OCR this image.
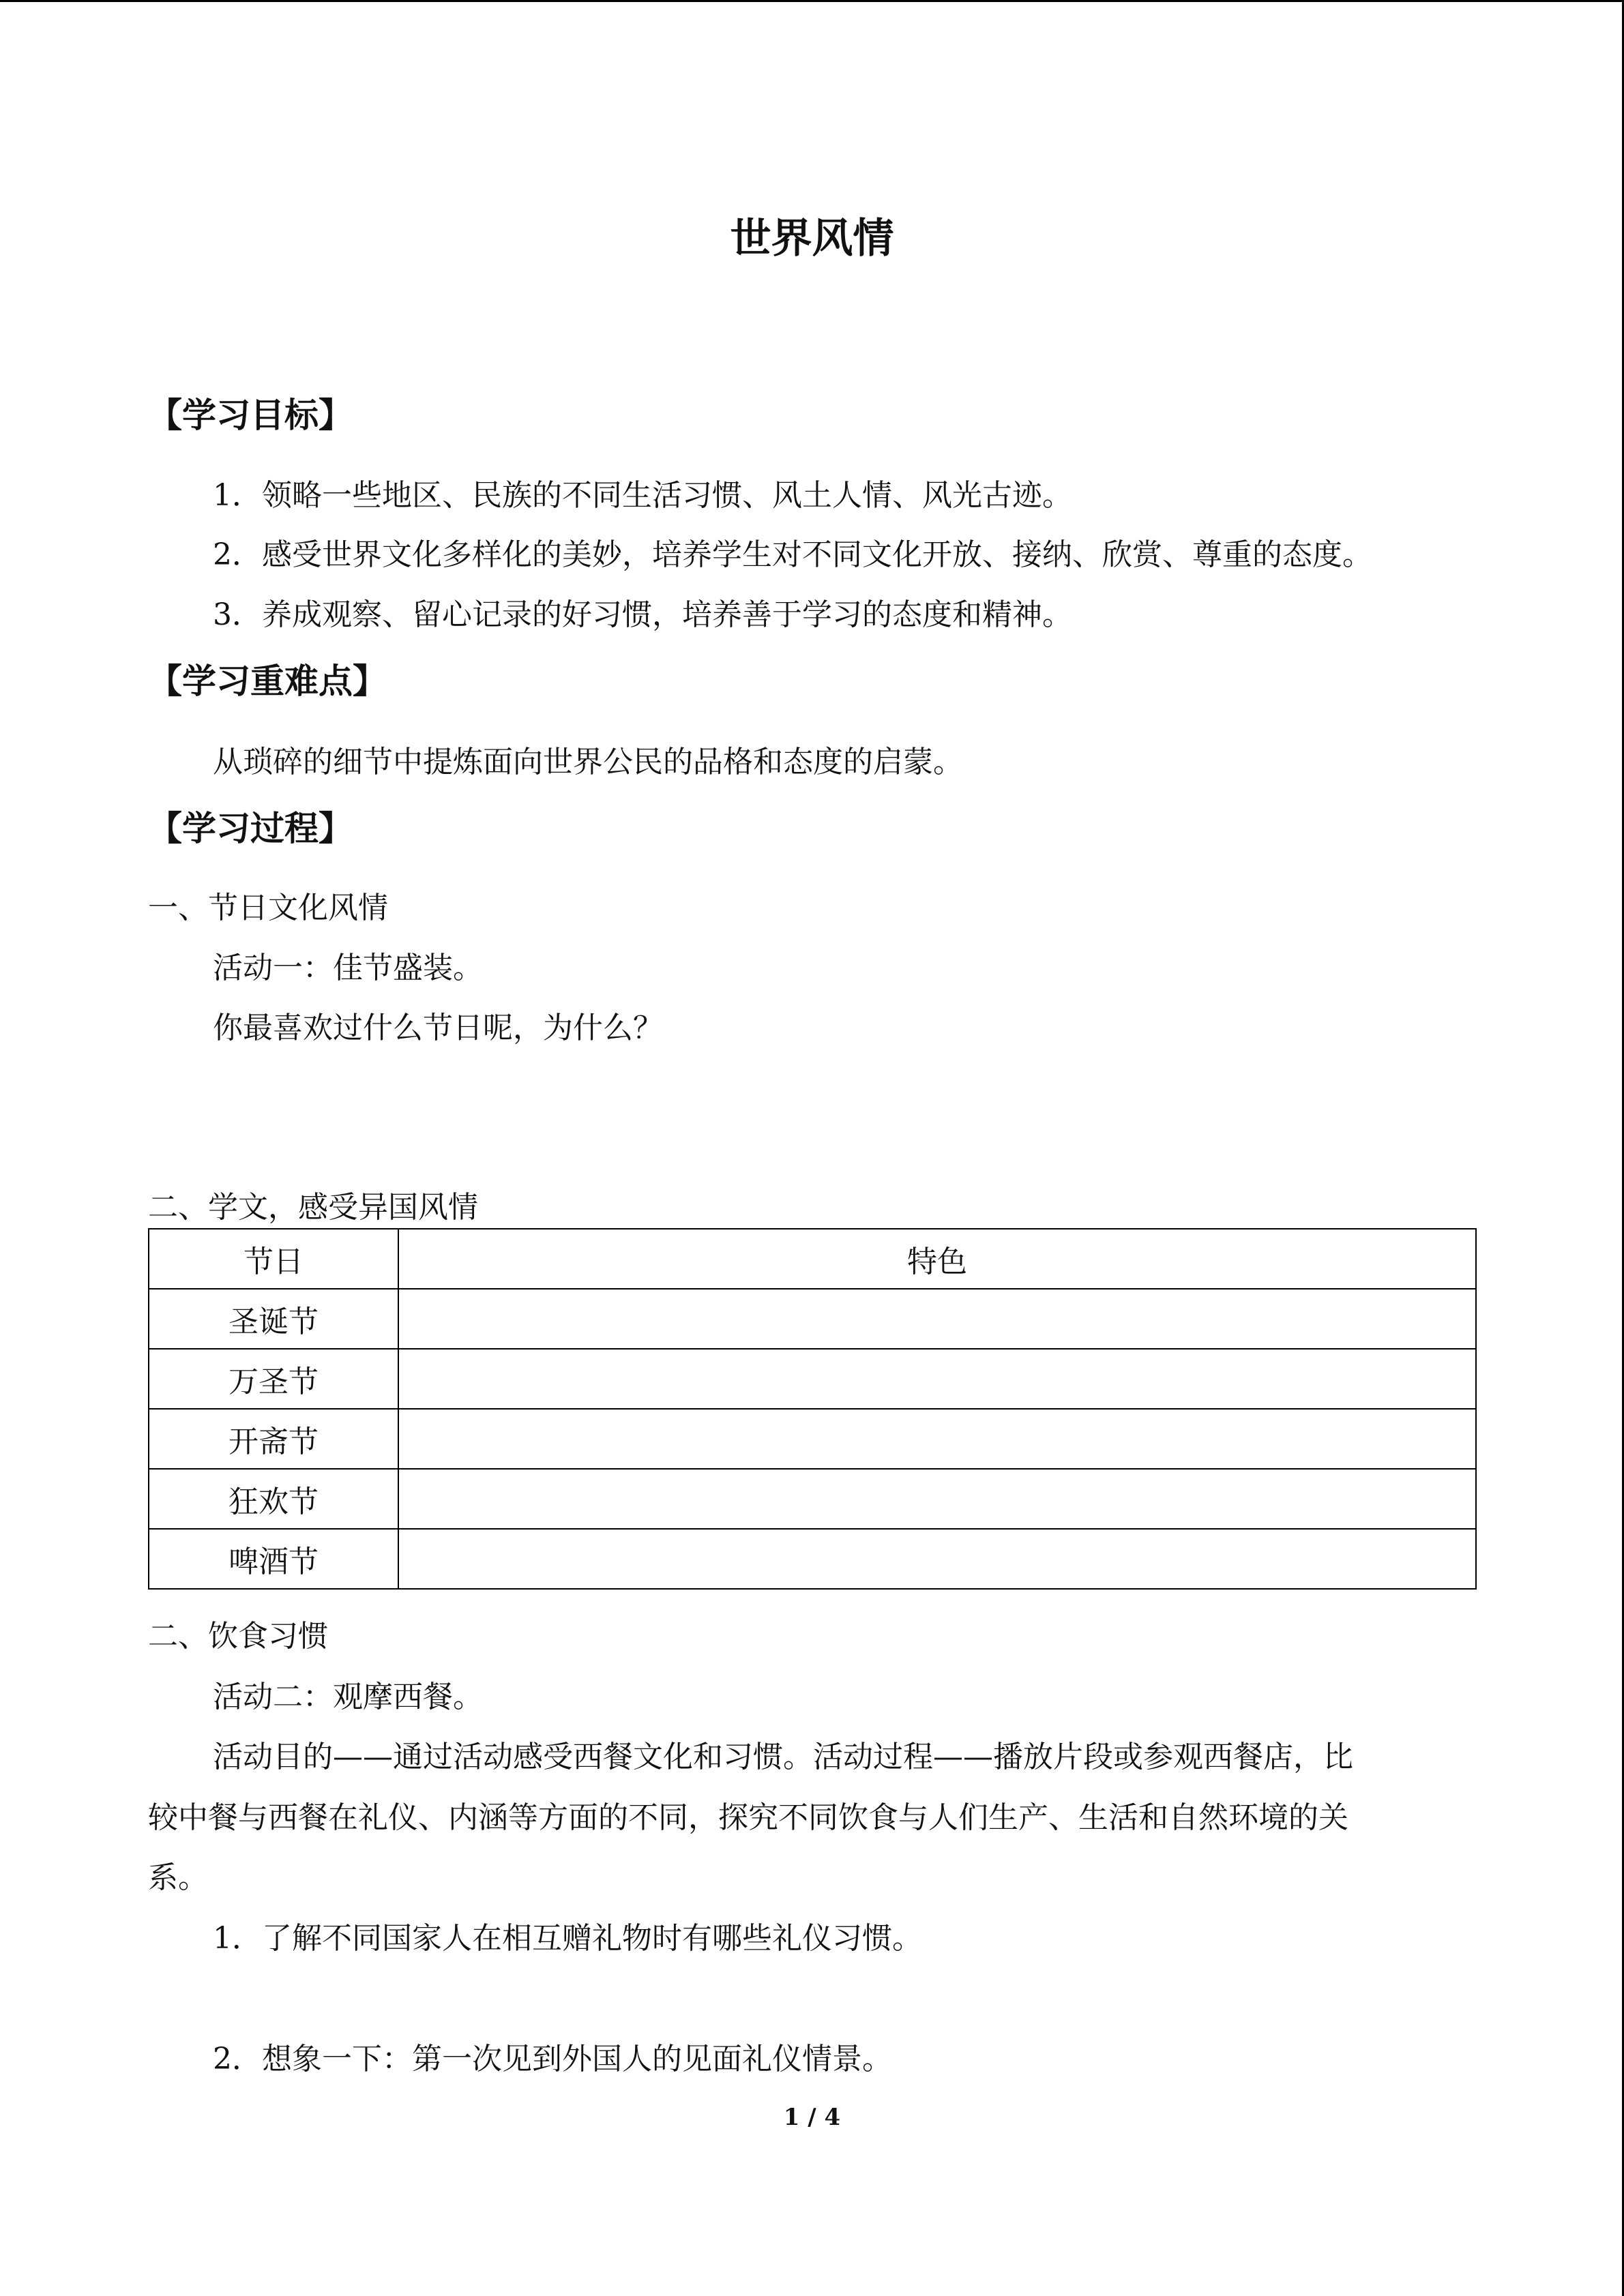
世界风情
【学习目标】
1．领略一些地区、民族的不同生活习惯、风土人情、风光古迹。
2．感受世界文化多样化的美妙，培养学生对不同文化开放、接纳、欣赏、尊重的态度。
3．养成观察、留心记录的好习惯，培养善于学习的态度和精神。
【学习重难点】
从琐碎的细节中提炼面向世界公民的品格和态度的启蒙。
【学习过程】
一、节日文化风情
活动一：佳节盛装。
你最喜欢过什么节日呢，为什么？
二、学文，感受异国风情
节日	特色
圣诞节	
万圣节	
开斋节	
狂欢节	
啤酒节	
二、饮食习惯
活动二：观摩西餐。
活动目的——通过活动感受西餐文化和习惯。活动过程——播放片段或参观西餐店，比
较中餐与西餐在礼仪、内涵等方面的不同，探究不同饮食与人们生产、生活和自然环境的关
系。
1．了解不同国家人在相互赠礼物时有哪些礼仪习惯。
2．想象一下：第一次见到外国人的见面礼仪情景。
1 / 4
